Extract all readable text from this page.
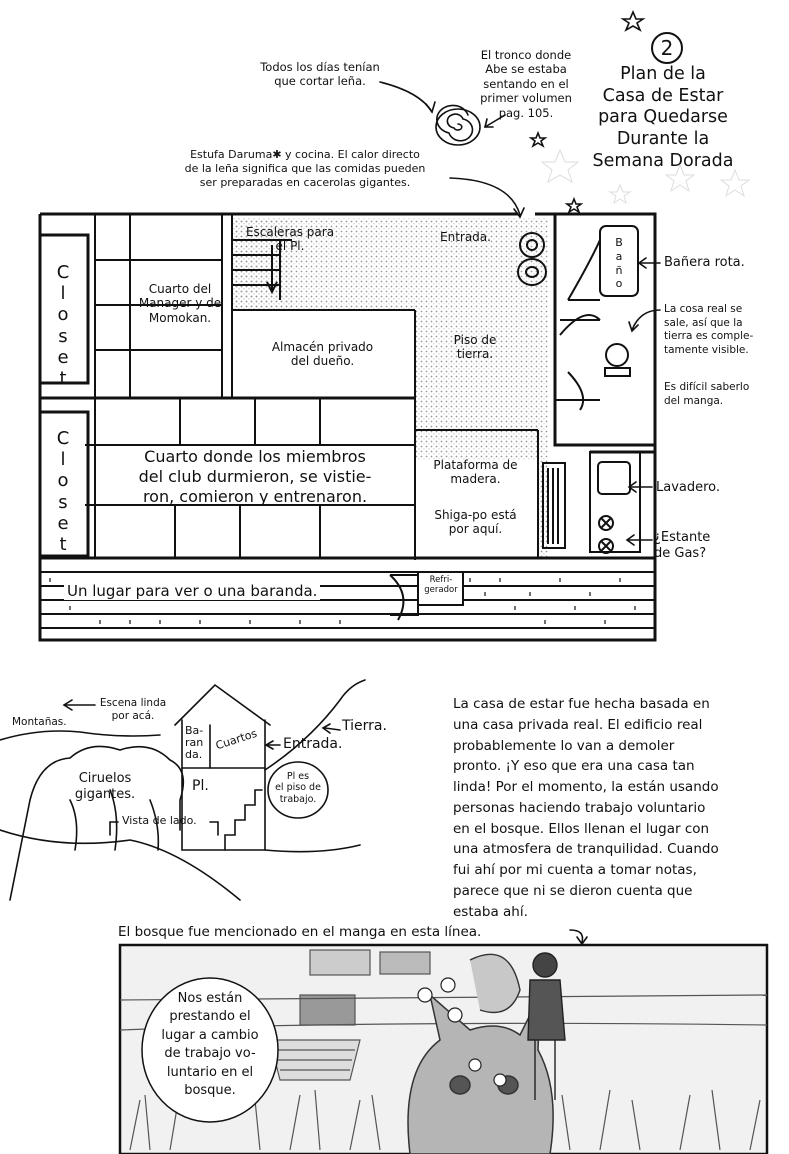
2
Plan de la
Casa de Estar
para Quedarse
Durante la
Semana Dorada
Todos los días tenían
que cortar leña.
El tronco donde
Abe se estaba
sentando en el
primer volumen
pag. 105.
Estufa Daruma✱ y cocina. El calor directo
de la leña significa que las comidas pueden
ser preparadas en cacerolas gigantes.
Bañera rota.
La cosa real se
sale, así que la
tierra es comple-
tamente visible.
Es difícil saberlo
del manga.
Lavadero.
¿Estante
de Gas?
C
l
o
s
e
t
C
l
o
s
e
t
Escaleras para
el Pl.
Entrada.
Cuarto del
Manager y de
Momokan.
Almacén privado
del dueño.
Piso de
tierra.
B
a
ñ
o
Cuarto donde los miembros
del club durmieron, se vistie-
ron, comieron y entrenaron.
Plataforma de
madera.
Shiga-po está
por aquí.
Un lugar para ver o una baranda.
Refri-
gerador
Escena linda
por acá.
Montañas.
Ciruelos
gigantes.
Ba-
ran
da.
Cuartos Entrada.
Tierra.
Pl.
Pl es
el piso de
trabajo.
Vista de lado.
La casa de estar fue hecha basada en
una casa privada real. El edificio real
probablemente lo van a demoler
pronto. ¡Y eso que era una casa tan
linda! Por el momento, la están usando
personas haciendo trabajo voluntario
en el bosque. Ellos llenan el lugar con
una atmosfera de tranquilidad. Cuando
fui ahí por mi cuenta a tomar notas,
parece que ni se dieron cuenta que
estaba ahí.
El bosque fue mencionado en el manga en esta línea.
Nos están
prestando el
lugar a cambio
de trabajo vo-
luntario en el
bosque.
